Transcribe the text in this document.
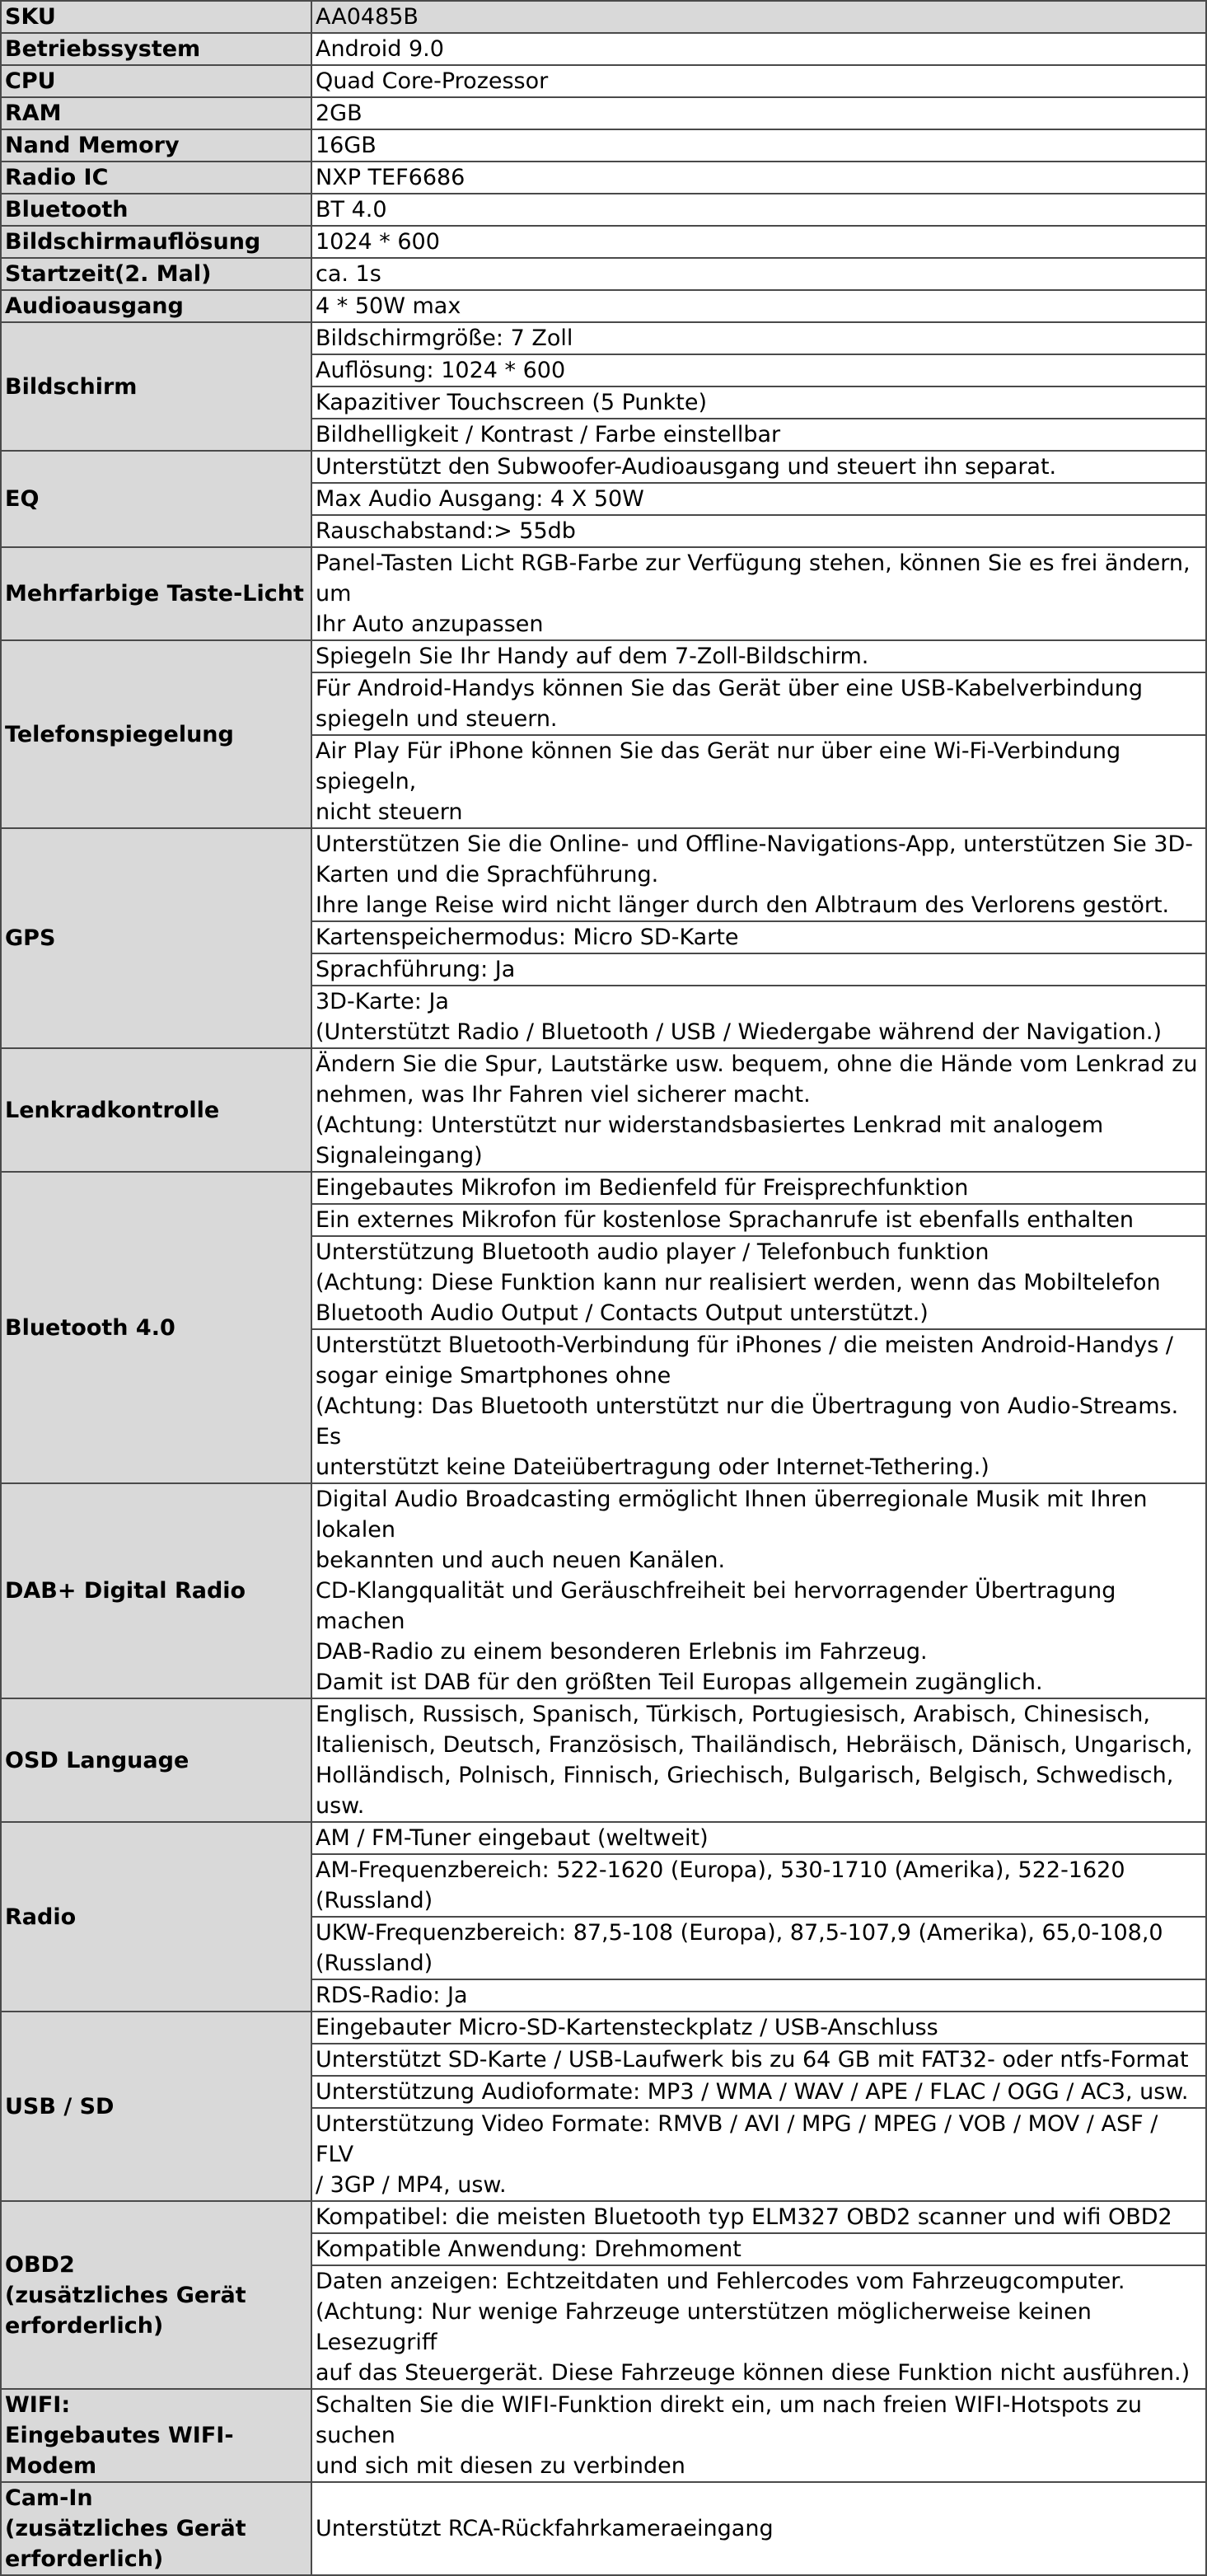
SKU	AA0485B

Betriebssystem	Android 9.0

CPU	Quad Core-Prozessor

RAM	2GB

Nand Memory	16GB

Radio IC	NXP TEF6686

Bluetooth	BT 4.0

Bildschirmauflösung	1024 * 600

Startzeit(2. Mal)	ca. 1s

Audioausgang	4 * 50W max

Bildschirm	Bildschirmgröße: 7 Zoll

	Auflösung: 1024 * 600

	Kapazitiver Touchscreen (5 Punkte)

	Bildhelligkeit / Kontrast / Farbe einstellbar

EQ	Unterstützt den Subwoofer-Audioausgang und steuert ihn separat.

	Max Audio Ausgang: 4 X 50W

	Rauschabstand:> 55db

Mehrfarbige Taste-Licht	Panel-Tasten Licht RGB-Farbe zur Verfügung stehen, können Sie es frei ändern, um
Ihr Auto anzupassen

Telefonspiegelung	Spiegeln Sie Ihr Handy auf dem 7-Zoll-Bildschirm.

	Für Android-Handys können Sie das Gerät über eine USB-Kabelverbindung
spiegeln und steuern.

	Air Play Für iPhone können Sie das Gerät nur über eine Wi-Fi-Verbindung spiegeln,
nicht steuern

GPS	Unterstützen Sie die Online- und Offline-Navigations-App, unterstützen Sie 3D-
Karten und die Sprachführung.
Ihre lange Reise wird nicht länger durch den Albtraum des Verlorens gestört.

	Kartenspeichermodus: Micro SD-Karte

	Sprachführung: Ja

	3D-Karte: Ja
(Unterstützt Radio / Bluetooth / USB / Wiedergabe während der Navigation.)

Lenkradkontrolle	Ändern Sie die Spur, Lautstärke usw. bequem, ohne die Hände vom Lenkrad zu
nehmen, was Ihr Fahren viel sicherer macht.
(Achtung: Unterstützt nur widerstandsbasiertes Lenkrad mit analogem
Signaleingang)

Bluetooth 4.0	Eingebautes Mikrofon im Bedienfeld für Freisprechfunktion

	Ein externes Mikrofon für kostenlose Sprachanrufe ist ebenfalls enthalten

	Unterstützung Bluetooth audio player / Telefonbuch funktion
(Achtung: Diese Funktion kann nur realisiert werden, wenn das Mobiltelefon
Bluetooth Audio Output / Contacts Output unterstützt.)

	Unterstützt Bluetooth-Verbindung für iPhones / die meisten Android-Handys /
sogar einige Smartphones ohne
(Achtung: Das Bluetooth unterstützt nur die Übertragung von Audio-Streams. Es
unterstützt keine Dateiübertragung oder Internet-Tethering.)

DAB+ Digital Radio	Digital Audio Broadcasting ermöglicht Ihnen überregionale Musik mit Ihren lokalen
bekannten und auch neuen Kanälen.
CD-Klangqualität und Geräuschfreiheit bei hervorragender Übertragung machen
DAB-Radio zu einem besonderen Erlebnis im Fahrzeug.
Damit ist DAB für den größten Teil Europas allgemein zugänglich.

OSD Language	Englisch, Russisch, Spanisch, Türkisch, Portugiesisch, Arabisch, Chinesisch,
Italienisch, Deutsch, Französisch, Thailändisch, Hebräisch, Dänisch, Ungarisch,
Holländisch, Polnisch, Finnisch, Griechisch, Bulgarisch, Belgisch, Schwedisch, usw.

Radio	AM / FM-Tuner eingebaut (weltweit)

	AM-Frequenzbereich: 522-1620 (Europa), 530-1710 (Amerika), 522-1620 (Russland)

	UKW-Frequenzbereich: 87,5-108 (Europa), 87,5-107,9 (Amerika), 65,0-108,0
(Russland)

	RDS-Radio: Ja

USB / SD	Eingebauter Micro-SD-Kartensteckplatz / USB-Anschluss

	Unterstützt SD-Karte / USB-Laufwerk bis zu 64 GB mit FAT32- oder ntfs-Format

	Unterstützung Audioformate: MP3 / WMA / WAV / APE / FLAC / OGG / AC3, usw.

	Unterstützung Video Formate: RMVB / AVI / MPG / MPEG / VOB / MOV / ASF / FLV
/ 3GP / MP4, usw.

OBD2
(zusätzliches Gerät
erforderlich)	Kompatibel: die meisten Bluetooth typ ELM327 OBD2 scanner und wifi OBD2

	Kompatible Anwendung: Drehmoment

	Daten anzeigen: Echtzeitdaten und Fehlercodes vom Fahrzeugcomputer.
(Achtung: Nur wenige Fahrzeuge unterstützen möglicherweise keinen Lesezugriff
auf das Steuergerät. Diese Fahrzeuge können diese Funktion nicht ausführen.)

WIFI:
Eingebautes WIFI-Modem	Schalten Sie die WIFI-Funktion direkt ein, um nach freien WIFI-Hotspots zu suchen
und sich mit diesen zu verbinden

Cam-In
(zusätzliches Gerät
erforderlich)	Unterstützt RCA-Rückfahrkameraeingang
